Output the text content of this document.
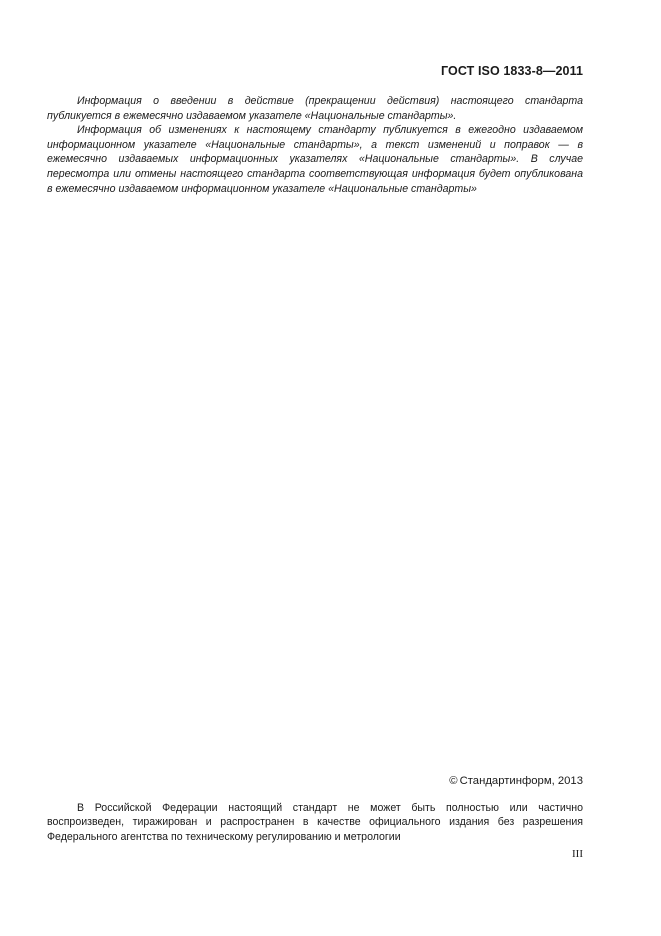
ГОСТ ISO 1833-8—2011

Информация о введении в действие (прекращении действия) настоящего стандарта публикуется в ежемесячно издаваемом указателе «Национальные стандарты».

Информация об изменениях к настоящему стандарту публикуется в ежегодно издаваемом информационном указателе «Национальные стандарты», а текст изменений и поправок — в ежемесячно издаваемых информационных указателях «Национальные стандарты». В случае пересмотра или отмены настоящего стандарта соответствующая информация будет опубликована в ежемесячно издаваемом информационном указателе «Национальные стандарты»

© Стандартинформ, 2013

В Российской Федерации настоящий стандарт не может быть полностью или частично воспроизведен, тиражирован и распространен в качестве официального издания без разрешения Федерального агентства по техническому регулированию и метрологии

III
